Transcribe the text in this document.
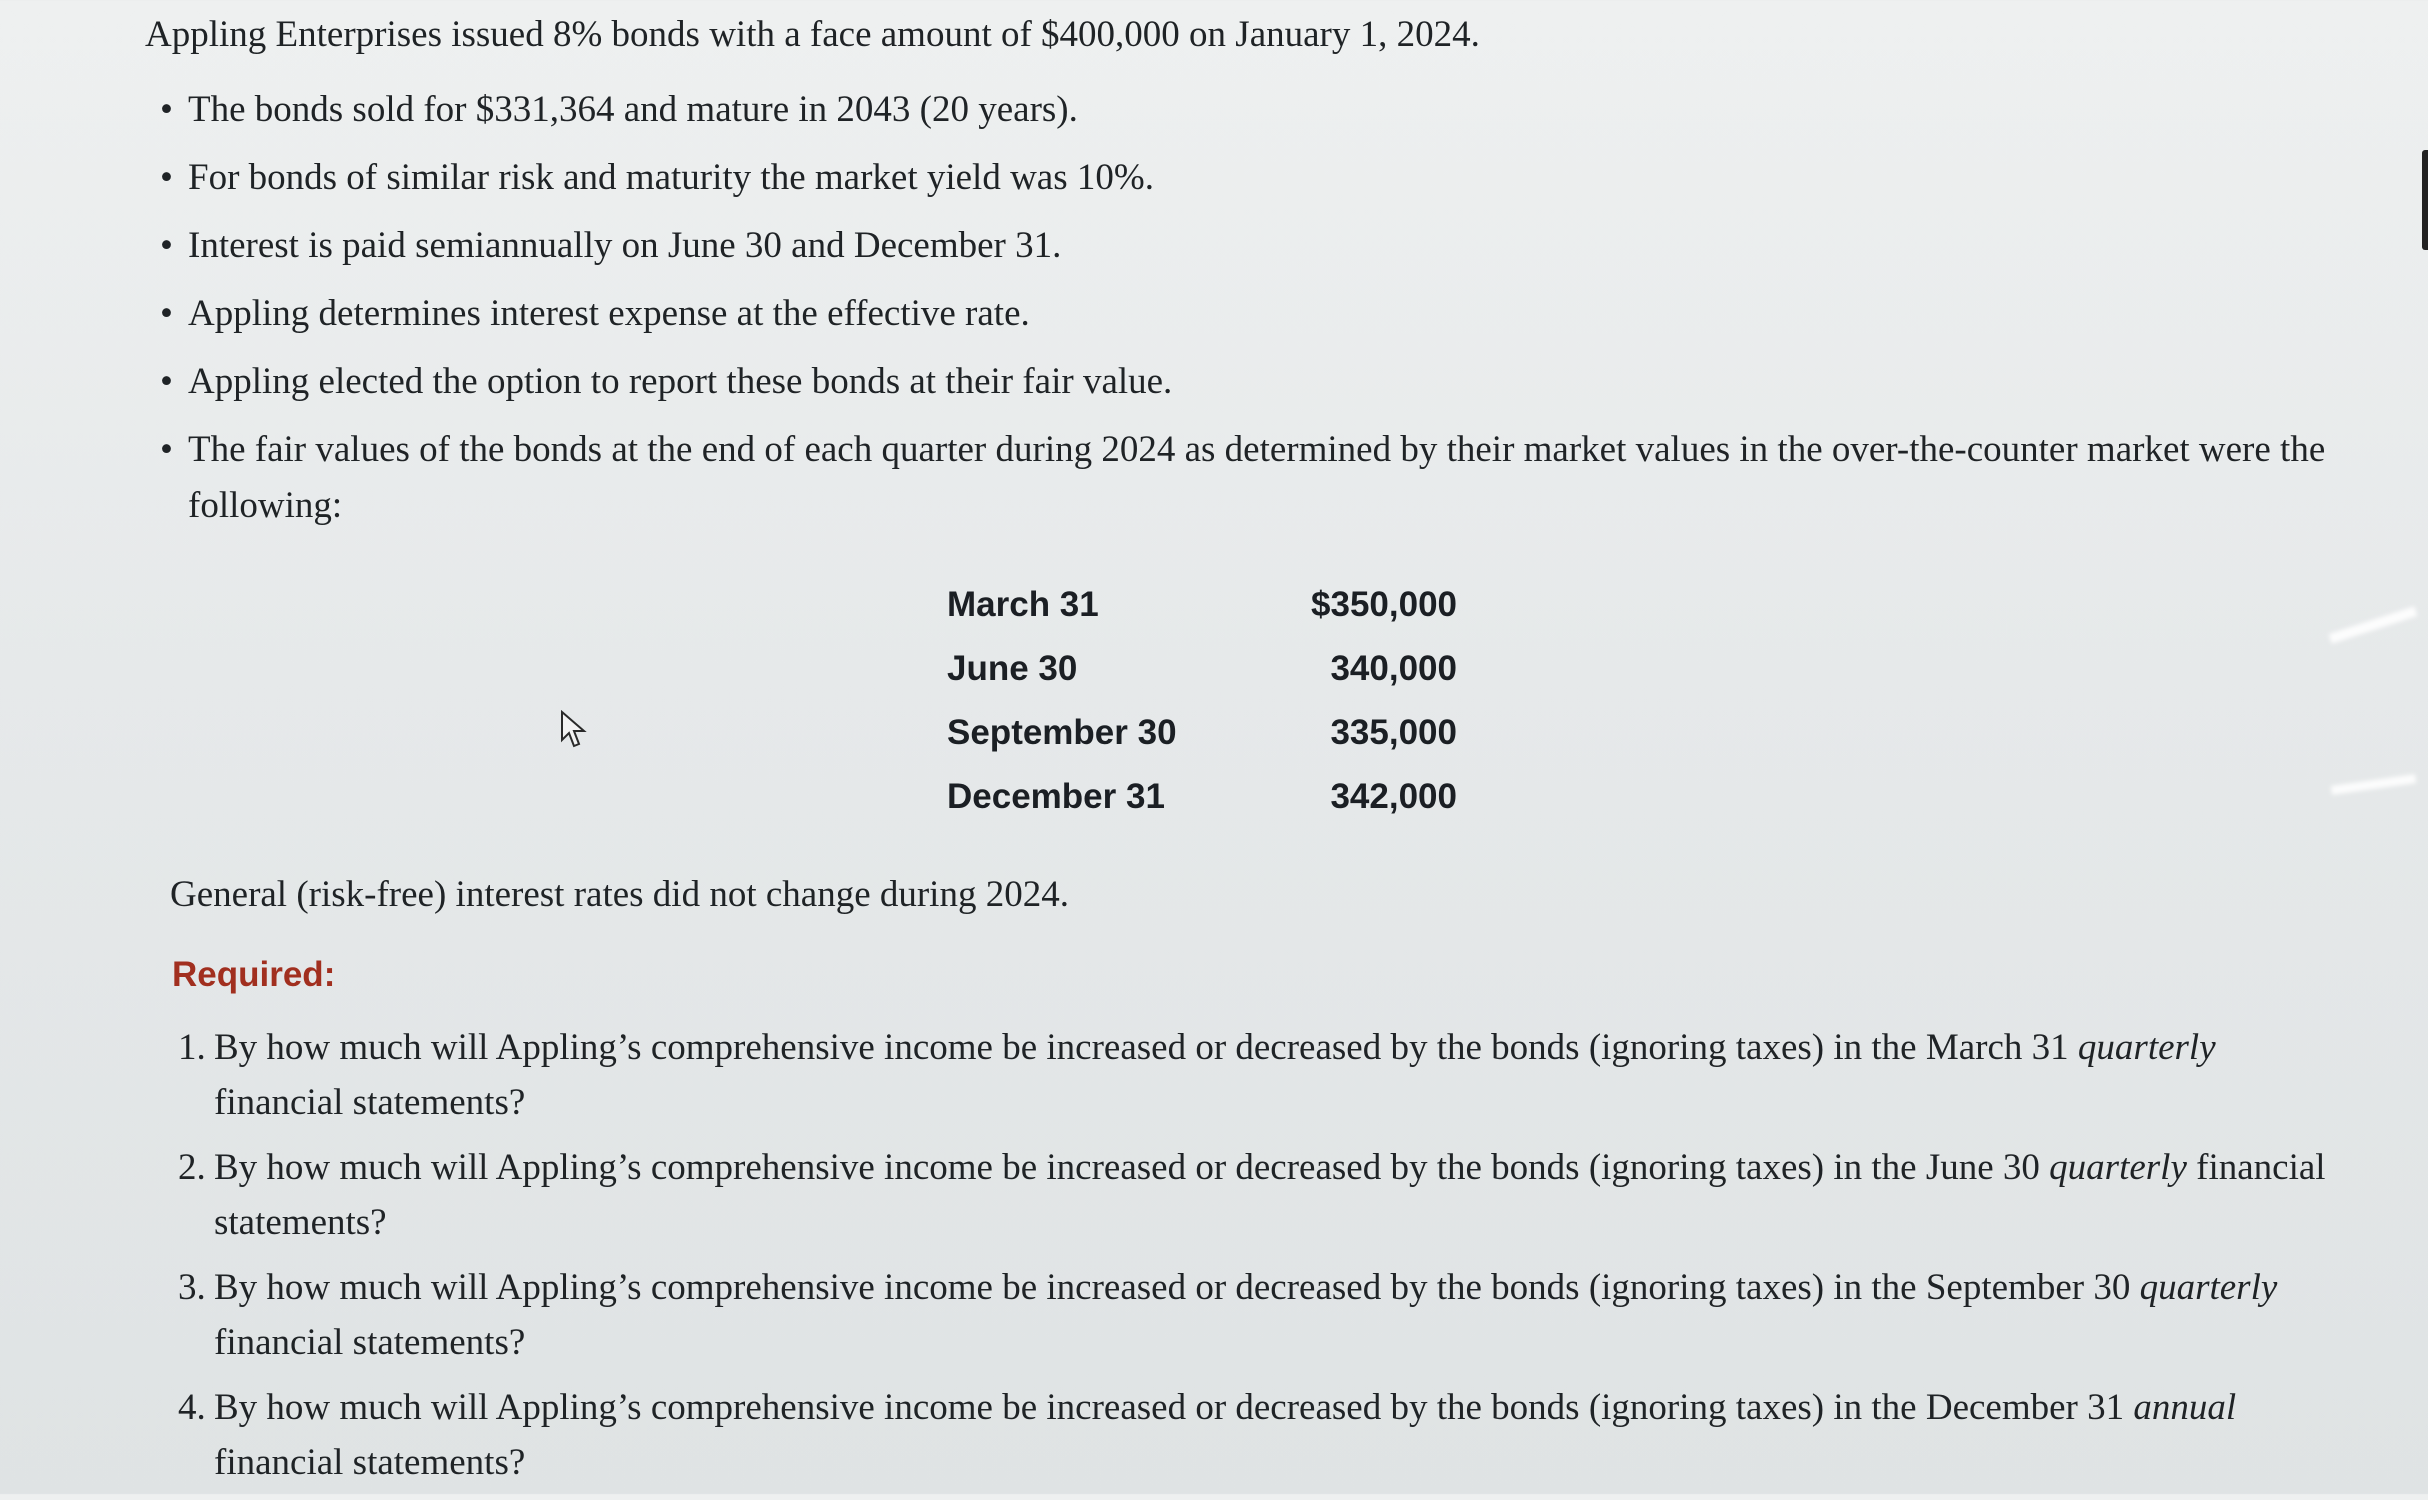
Appling Enterprises issued 8% bonds with a face amount of $400,000 on January 1, 2024.
• The bonds sold for $331,364 and mature in 2043 (20 years).
• For bonds of similar risk and maturity the market yield was 10%.
• Interest is paid semiannually on June 30 and December 31.
• Appling determines interest expense at the effective rate.
• Appling elected the option to report these bonds at their fair value.
• The fair values of the bonds at the end of each quarter during 2024 as determined by their market values in the over-the-counter market were the following:
March 31	$350,000
June 30	340,000
September 30	335,000
December 31	342,000
General (risk-free) interest rates did not change during 2024.
Required:
1. By how much will Appling’s comprehensive income be increased or decreased by the bonds (ignoring taxes) in the March 31 quarterly financial statements?
2. By how much will Appling’s comprehensive income be increased or decreased by the bonds (ignoring taxes) in the June 30 quarterly financial statements?
3. By how much will Appling’s comprehensive income be increased or decreased by the bonds (ignoring taxes) in the September 30 quarterly financial statements?
4. By how much will Appling’s comprehensive income be increased or decreased by the bonds (ignoring taxes) in the December 31 annual financial statements?
